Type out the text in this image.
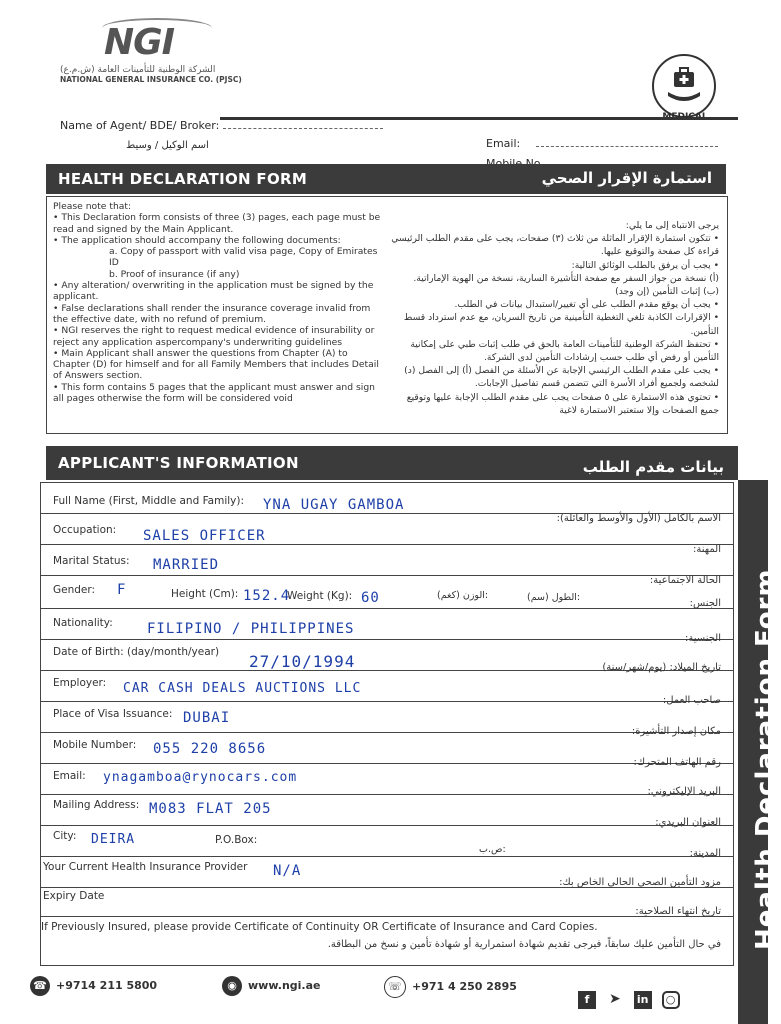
NGI
الشركة الوطنية للتأمينات العامة (ش.م.ع)
NATIONAL GENERAL INSURANCE CO. (PJSC)
Name of Agent/ BDE/ Broker:
اسم الوكيل / وسيط	Email:
HEALTH DECLARATION FORM	استمارة الإقرار الصحي
Please note that:
• This Declaration form consists of three (3) pages, each page must be read and signed by the Main Applicant.
• The application should accompany the following documents:
a. Copy of passport with valid visa page, Copy of Emirates ID
b. Proof of insurance (if any)
• Any alteration/ overwriting in the application must be signed by the applicant.
• False declarations shall render the insurance coverage invalid from the effective date, with no refund of premium.
• NGI reserves the right to request medical evidence of insurability or reject any application aspercompany's underwriting guidelines
• Main Applicant shall answer the questions from Chapter (A) to Chapter (D) for himself and for all Family Members that includes Detail of Answers section.
• This form contains 5 pages that the applicant must answer and sign all pages otherwise the form will be considered void
يرجى الانتباه إلى ما يلي:
• تتكون استمارة الإقرار الماثلة من ثلاث (٣) صفحات، يجب على مقدم الطلب الرئيسي قراءة كل صفحة والتوقيع عليها.
• يجب أن يرفق بالطلب الوثائق التالية:
(أ) نسخة من جواز السفر مع صفحة التأشيرة السارية، نسخة من الهوية الإماراتية.
(ب) إثبات التأمين (إن وجد)
• يجب أن يوقع مقدم الطلب على أي تغيير/استبدال بيانات في الطلب.
• الإقرارات الكاذبة تلغي التغطية التأمينية من تاريخ السريان، مع عدم استرداد قسط التأمين.
• تحتفظ الشركة الوطنية للتأمينات العامة بالحق في طلب إثبات طبي على إمكانية التأمين أو رفض أي طلب حسب إرشادات التأمين لدى الشركة.
• يجب على مقدم الطلب الرئيسي الإجابة عن الأسئلة من الفصل (أ) إلى الفصل (د) لشخصه ولجميع أفراد الأسرة التي تتضمن قسم تفاصيل الإجابات.
• تحتوي هذه الاستمارة على ٥ صفحات يجب على مقدم الطلب الإجابة عليها وتوقيع جميع الصفحات وإلا ستعتبر الاستمارة لاغية
APPLICANT'S INFORMATION	بيانات مقدم الطلب
Full Name (First, Middle and Family): YNA UGAY GAMBOA
الاسم بالكامل (الأول والأوسط والعائلة):
Occupation: SALES OFFICER
المهنة:
Marital Status: MARRIED
الحالة الاجتماعية:
Gender: F	Height (Cm): 152.4
Weight (Kg): 60	الوزن (كغم):	الطول (سم):
الجنس:
Nationality: FILIPINO / PHILIPPINES
الجنسية:
Date of Birth: (day/month/year) 27/10/1994	تاريخ الميلاد: (يوم/شهر/سنة)
Employer: CAR CASH DEALS AUCTIONS LLC
صاحب العمل:
Place of Visa Issuance: DUBAI
مكان إصدار التأشيرة:
Mobile Number: 055 220 8656
رقم الهاتف المتحرك:
Email: ynagamboa@rynocars.com
البريد الإليكتروني:
Mailing Address: M083 FLAT 205
العنوان البريدي:
City: DEIRA	P.O.Box:
ص.ب:	المدينة:
Your Current Health Insurance Provider N/A
مزود التأمين الصحي الحالي الخاص بك:
Expiry Date
تاريخ انتهاء الصلاحية:
If Previously Insured, please provide Certificate of Continuity OR Certificate of Insurance and Card Copies.
في حال التأمين عليك سابقاً، فيرجى تقديم شهادة استمرارية أو شهادة تأمين و نسخ من البطاقة. Health Declaration Form
☎ +9714 211 5800	◉ www.ngi.ae	☏ +971 4 250 2895
f ➤ in ○
